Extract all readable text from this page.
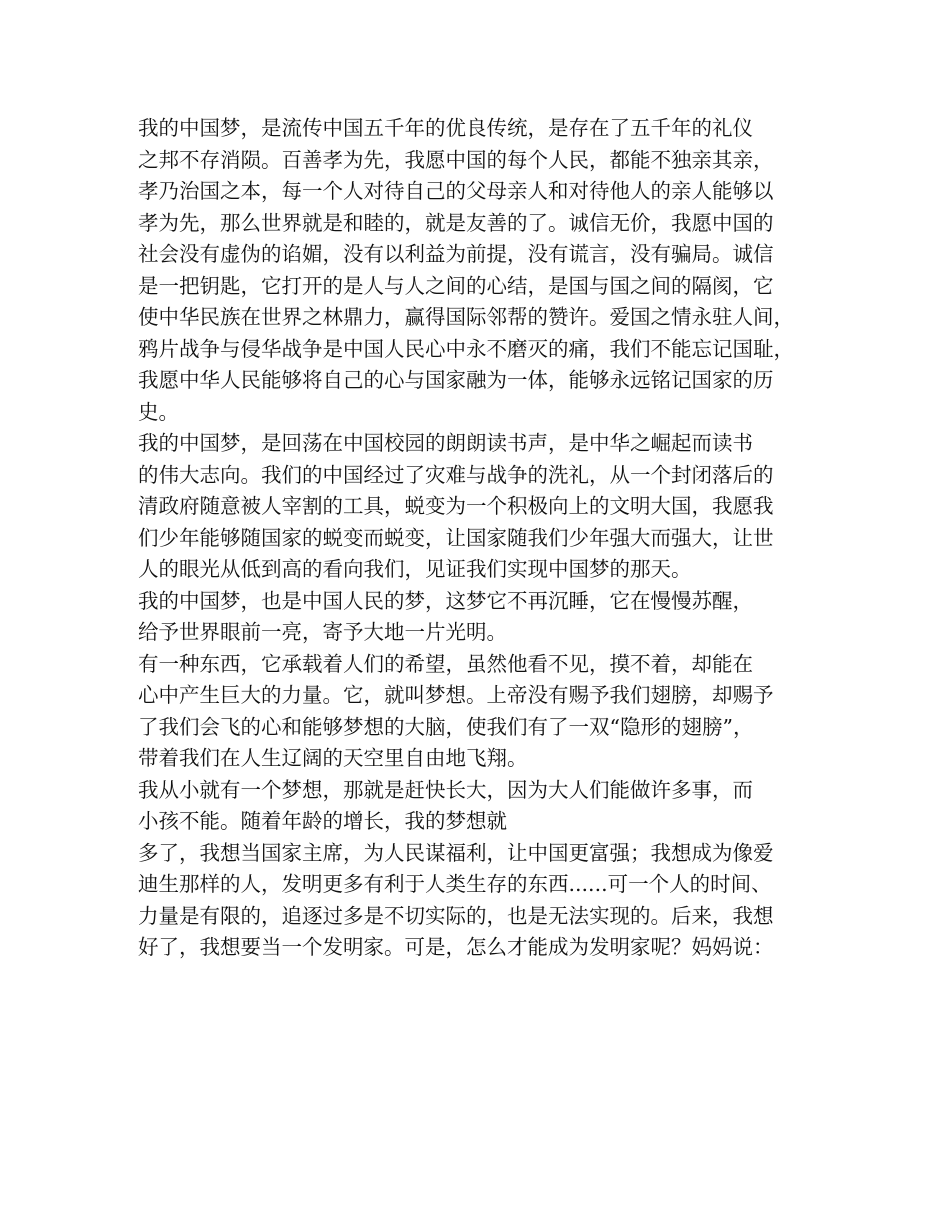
我的中国梦，是流传中国五千年的优良传统，是存在了五千年的礼仪
之邦不存消陨。百善孝为先，我愿中国的每个人民，都能不独亲其亲，
孝乃治国之本，每一个人对待自己的父母亲人和对待他人的亲人能够以
孝为先，那么世界就是和睦的，就是友善的了。诚信无价，我愿中国的
社会没有虚伪的谄媚，没有以利益为前提，没有谎言，没有骗局。诚信
是一把钥匙，它打开的是人与人之间的心结，是国与国之间的隔阂，它
使中华民族在世界之林鼎力，赢得国际邻帮的赞许。爱国之情永驻人间，
鸦片战争与侵华战争是中国人民心中永不磨灭的痛，我们不能忘记国耻，
我愿中华人民能够将自己的心与国家融为一体，能够永远铭记国家的历
史。
我的中国梦，是回荡在中国校园的朗朗读书声，是中华之崛起而读书
的伟大志向。我们的中国经过了灾难与战争的洗礼，从一个封闭落后的
清政府随意被人宰割的工具，蜕变为一个积极向上的文明大国，我愿我
们少年能够随国家的蜕变而蜕变，让国家随我们少年强大而强大，让世
人的眼光从低到高的看向我们，见证我们实现中国梦的那天。
我的中国梦，也是中国人民的梦，这梦它不再沉睡，它在慢慢苏醒，
给予世界眼前一亮，寄予大地一片光明。
有一种东西，它承载着人们的希望，虽然他看不见，摸不着，却能在
心中产生巨大的力量。它，就叫梦想。上帝没有赐予我们翅膀，却赐予
了我们会飞的心和能够梦想的大脑，使我们有了一双“隐形的翅膀”，
带着我们在人生辽阔的天空里自由地飞翔。
我从小就有一个梦想，那就是赶快长大，因为大人们能做许多事，而
小孩不能。随着年龄的增长，我的梦想就
多了，我想当国家主席，为人民谋福利，让中国更富强；我想成为像爱
迪生那样的人，发明更多有利于人类生存的东西......可一个人的时间、
力量是有限的，追逐过多是不切实际的，也是无法实现的。后来，我想
好了，我想要当一个发明家。可是，怎么才能成为发明家呢？妈妈说：
